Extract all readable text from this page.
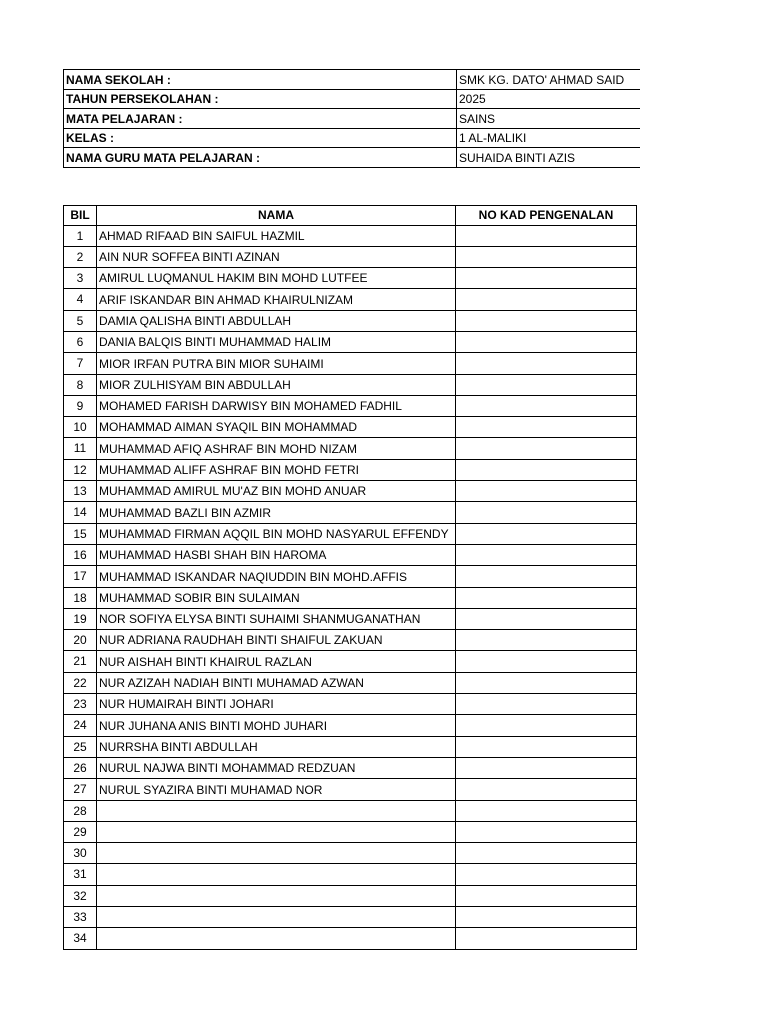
NAMA SEKOLAH :	SMK KG. DATO' AHMAD SAID
TAHUN PERSEKOLAHAN :	2025
MATA PELAJARAN :	SAINS
KELAS :	1 AL-MALIKI
NAMA GURU MATA PELAJARAN :	SUHAIDA BINTI AZIS
BIL	NAMA	NO KAD PENGENALAN
1	AHMAD RIFAAD BIN SAIFUL HAZMIL	
2	AIN NUR SOFFEA BINTI AZINAN	
3	AMIRUL LUQMANUL HAKIM BIN MOHD LUTFEE	
4	ARIF ISKANDAR BIN AHMAD KHAIRULNIZAM	
5	DAMIA QALISHA BINTI ABDULLAH	
6	DANIA BALQIS BINTI MUHAMMAD HALIM	
7	MIOR IRFAN PUTRA BIN MIOR SUHAIMI	
8	MIOR ZULHISYAM BIN ABDULLAH	
9	MOHAMED FARISH DARWISY BIN MOHAMED FADHIL	
10	MOHAMMAD AIMAN SYAQIL BIN MOHAMMAD	
11	MUHAMMAD AFIQ ASHRAF BIN MOHD NIZAM	
12	MUHAMMAD ALIFF ASHRAF BIN MOHD FETRI	
13	MUHAMMAD AMIRUL MU'AZ BIN MOHD ANUAR	
14	MUHAMMAD BAZLI BIN AZMIR	
15	MUHAMMAD FIRMAN AQQIL BIN MOHD NASYARUL EFFENDY	
16	MUHAMMAD HASBI SHAH BIN HAROMA	
17	MUHAMMAD ISKANDAR NAQIUDDIN BIN MOHD.AFFIS	
18	MUHAMMAD SOBIR BIN SULAIMAN	
19	NOR SOFIYA ELYSA BINTI SUHAIMI SHANMUGANATHAN	
20	NUR ADRIANA RAUDHAH BINTI SHAIFUL ZAKUAN	
21	NUR AISHAH BINTI KHAIRUL RAZLAN	
22	NUR AZIZAH NADIAH BINTI MUHAMAD AZWAN	
23	NUR HUMAIRAH BINTI JOHARI	
24	NUR JUHANA ANIS BINTI MOHD JUHARI	
25	NURRSHA BINTI ABDULLAH	
26	NURUL NAJWA BINTI MOHAMMAD REDZUAN	
27	NURUL SYAZIRA BINTI MUHAMAD NOR	
28		
29		
30		
31		
32		
33		
34		
